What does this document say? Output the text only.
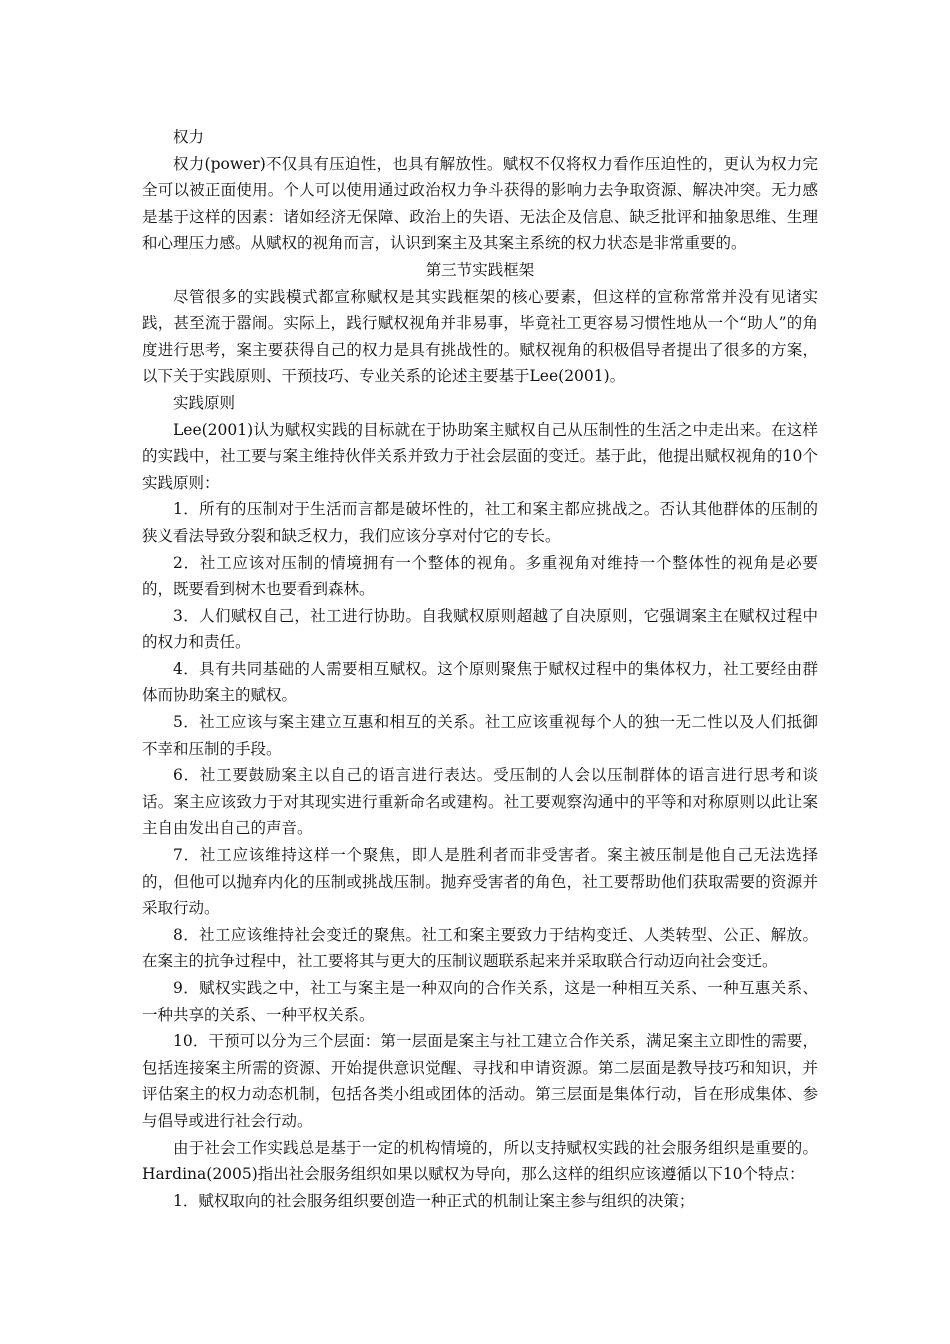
权力

权力(power)不仅具有压迫性，也具有解放性。赋权不仅将权力看作压迫性的，更认为权力完全可以被正面使用。个人可以使用通过政治权力争斗获得的影响力去争取资源、解决冲突。无力感是基于这样的因素：诸如经济无保障、政治上的失语、无法企及信息、缺乏批评和抽象思维、生理和心理压力感。从赋权的视角而言，认识到案主及其案主系统的权力状态是非常重要的。

第三节实践框架

尽管很多的实践模式都宣称赋权是其实践框架的核心要素，但这样的宣称常常并没有见诸实践，甚至流于嚣闹。实际上，践行赋权视角并非易事，毕竟社工更容易习惯性地从一个“助人”的角度进行思考，案主要获得自己的权力是具有挑战性的。赋权视角的积极倡导者提出了很多的方案，以下关于实践原则、干预技巧、专业关系的论述主要基于Lee(2001)。

实践原则

Lee(2001)认为赋权实践的目标就在于协助案主赋权自己从压制性的生活之中走出来。在这样的实践中，社工要与案主维持伙伴关系并致力于社会层面的变迁。基于此，他提出赋权视角的10个实践原则：

1．所有的压制对于生活而言都是破坏性的，社工和案主都应挑战之。否认其他群体的压制的狭义看法导致分裂和缺乏权力，我们应该分享对付它的专长。

2．社工应该对压制的情境拥有一个整体的视角。多重视角对维持一个整体性的视角是必要的，既要看到树木也要看到森林。

3．人们赋权自己，社工进行协助。自我赋权原则超越了自决原则，它强调案主在赋权过程中的权力和责任。

4．具有共同基础的人需要相互赋权。这个原则聚焦于赋权过程中的集体权力，社工要经由群体而协助案主的赋权。

5．社工应该与案主建立互惠和相互的关系。社工应该重视每个人的独一无二性以及人们抵御不幸和压制的手段。

6．社工要鼓励案主以自己的语言进行表达。受压制的人会以压制群体的语言进行思考和谈话。案主应该致力于对其现实进行重新命名或建构。社工要观察沟通中的平等和对称原则以此让案主自由发出自己的声音。

7．社工应该维持这样一个聚焦，即人是胜利者而非受害者。案主被压制是他自己无法选择的，但他可以抛弃内化的压制或挑战压制。抛弃受害者的角色，社工要帮助他们获取需要的资源并采取行动。

8．社工应该维持社会变迁的聚焦。社工和案主要致力于结构变迁、人类转型、公正、解放。在案主的抗争过程中，社工要将其与更大的压制议题联系起来并采取联合行动迈向社会变迁。

9．赋权实践之中，社工与案主是一种双向的合作关系，这是一种相互关系、一种互惠关系、一种共享的关系、一种平权关系。

10．干预可以分为三个层面：第一层面是案主与社工建立合作关系，满足案主立即性的需要，包括连接案主所需的资源、开始提供意识觉醒、寻找和申请资源。第二层面是教导技巧和知识，并评估案主的权力动态机制，包括各类小组或团体的活动。第三层面是集体行动，旨在形成集体、参与倡导或进行社会行动。

由于社会工作实践总是基于一定的机构情境的，所以支持赋权实践的社会服务组织是重要的。Hardina(2005)指出社会服务组织如果以赋权为导向，那么这样的组织应该遵循以下10个特点：

1．赋权取向的社会服务组织要创造一种正式的机制让案主参与组织的决策；
